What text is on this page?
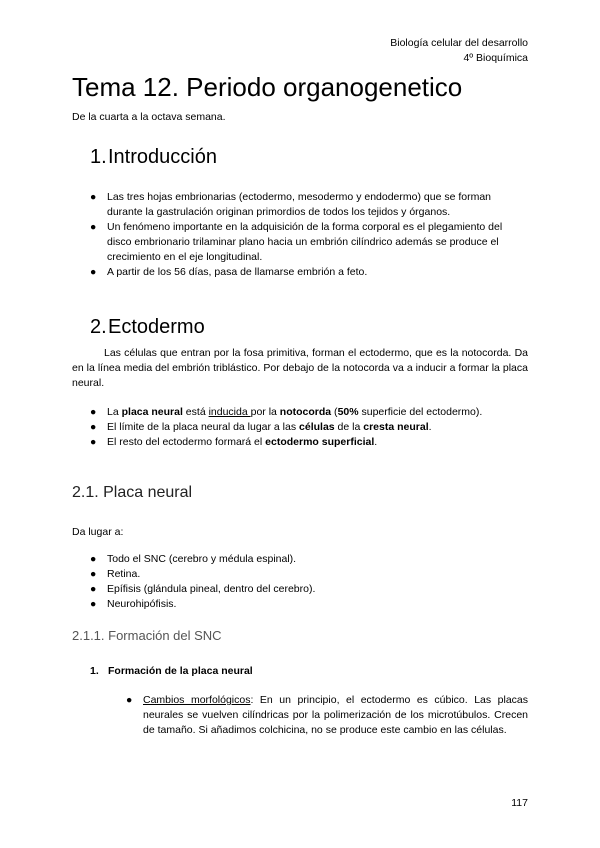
Biología celular del desarrollo
4º Bioquímica
Tema 12. Periodo organogenetico
De la cuarta a la octava semana.
1.Introducción
● Las tres hojas embrionarias (ectodermo, mesodermo y endodermo) que se forman durante la gastrulación originan primordios de todos los tejidos y órganos.
● Un fenómeno importante en la adquisición de la forma corporal es el plegamiento del disco embrionario trilaminar plano hacia un embrión cilíndrico además se produce el crecimiento en el eje longitudinal.
● A partir de los 56 días, pasa de llamarse embrión a feto.
2.Ectodermo
Las células que entran por la fosa primitiva, forman el ectodermo, que es la notocorda. Da en la línea media del embrión triblástico. Por debajo de la notocorda va a inducir a formar la placa neural.
● La placa neural está inducida por la notocorda (50% superficie del ectodermo).
● El límite de la placa neural da lugar a las células de la cresta neural.
● El resto del ectodermo formará el ectodermo superficial.
2.1. Placa neural
Da lugar a:
● Todo el SNC (cerebro y médula espinal).
● Retina.
● Epífisis (glándula pineal, dentro del cerebro).
● Neurohipófisis.
2.1.1. Formación del SNC
1. Formación de la placa neural
● Cambios morfológicos: En un principio, el ectodermo es cúbico. Las placas neurales se vuelven cilíndricas por la polimerización de los microtúbulos. Crecen de tamaño. Si añadimos colchicina, no se produce este cambio en las células.
117
